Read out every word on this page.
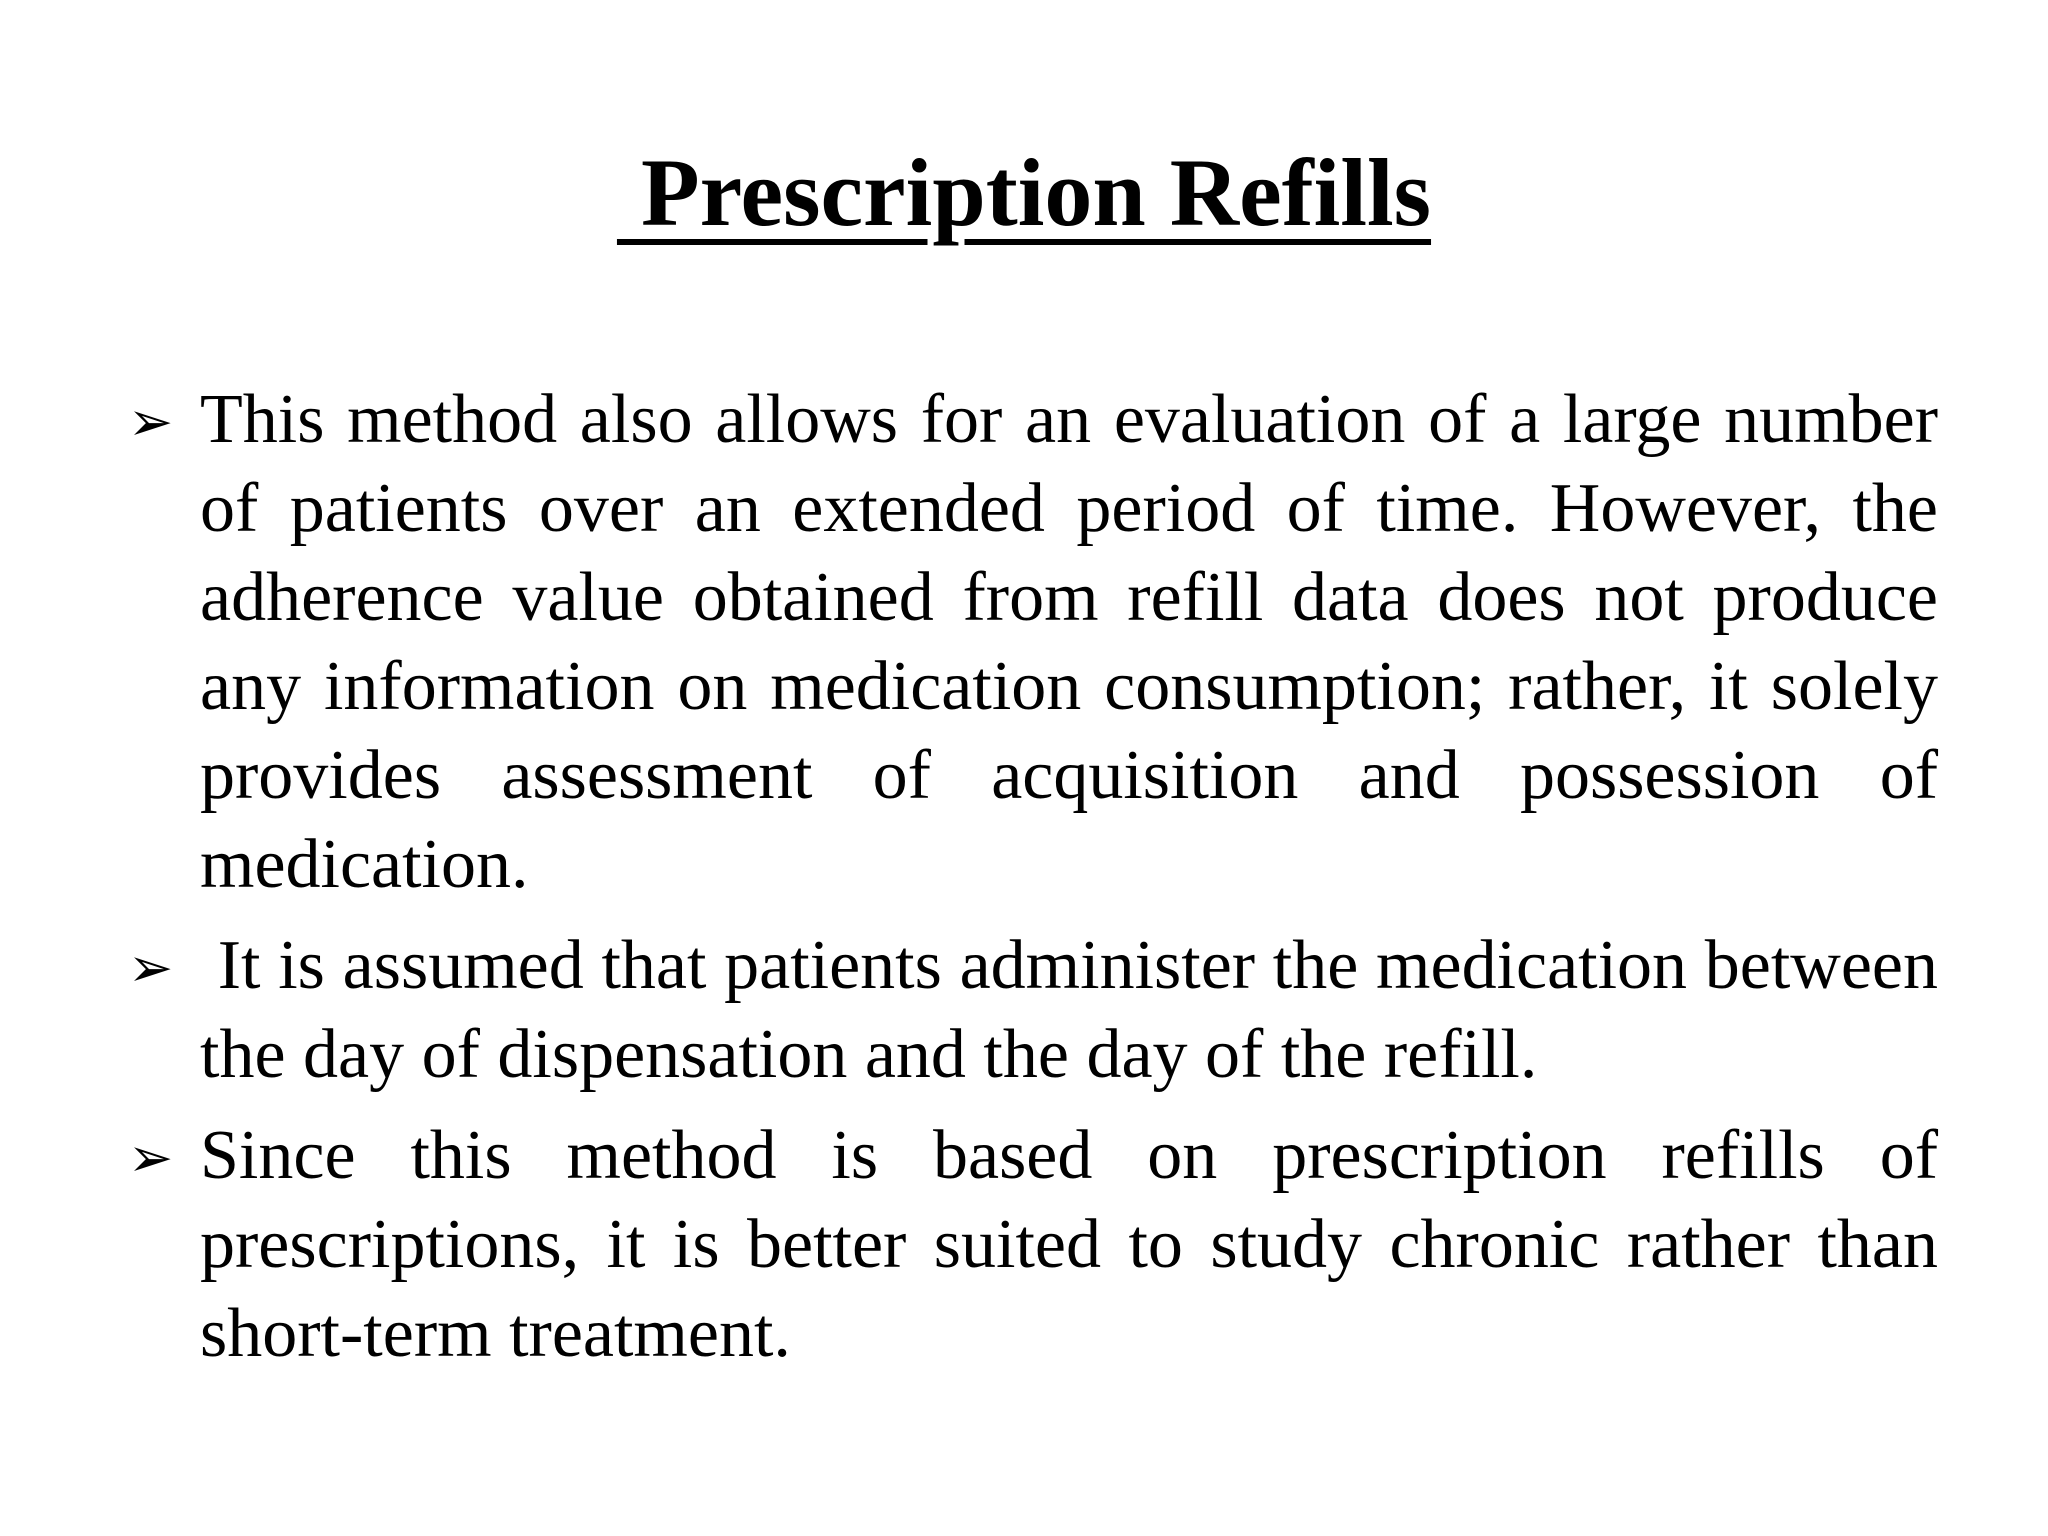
Prescription Refills
➢ This method also allows for an evaluation of a large number of patients over an extended period of time. However, the adherence value obtained from refill data does not produce any information on medication consumption; rather, it solely provides assessment of acquisition and possession of medication.
➢ It is assumed that patients administer the medication between the day of dispensation and the day of the refill.
➢ Since this method is based on prescription refills of prescriptions, it is better suited to study chronic rather than short-term treatment.
